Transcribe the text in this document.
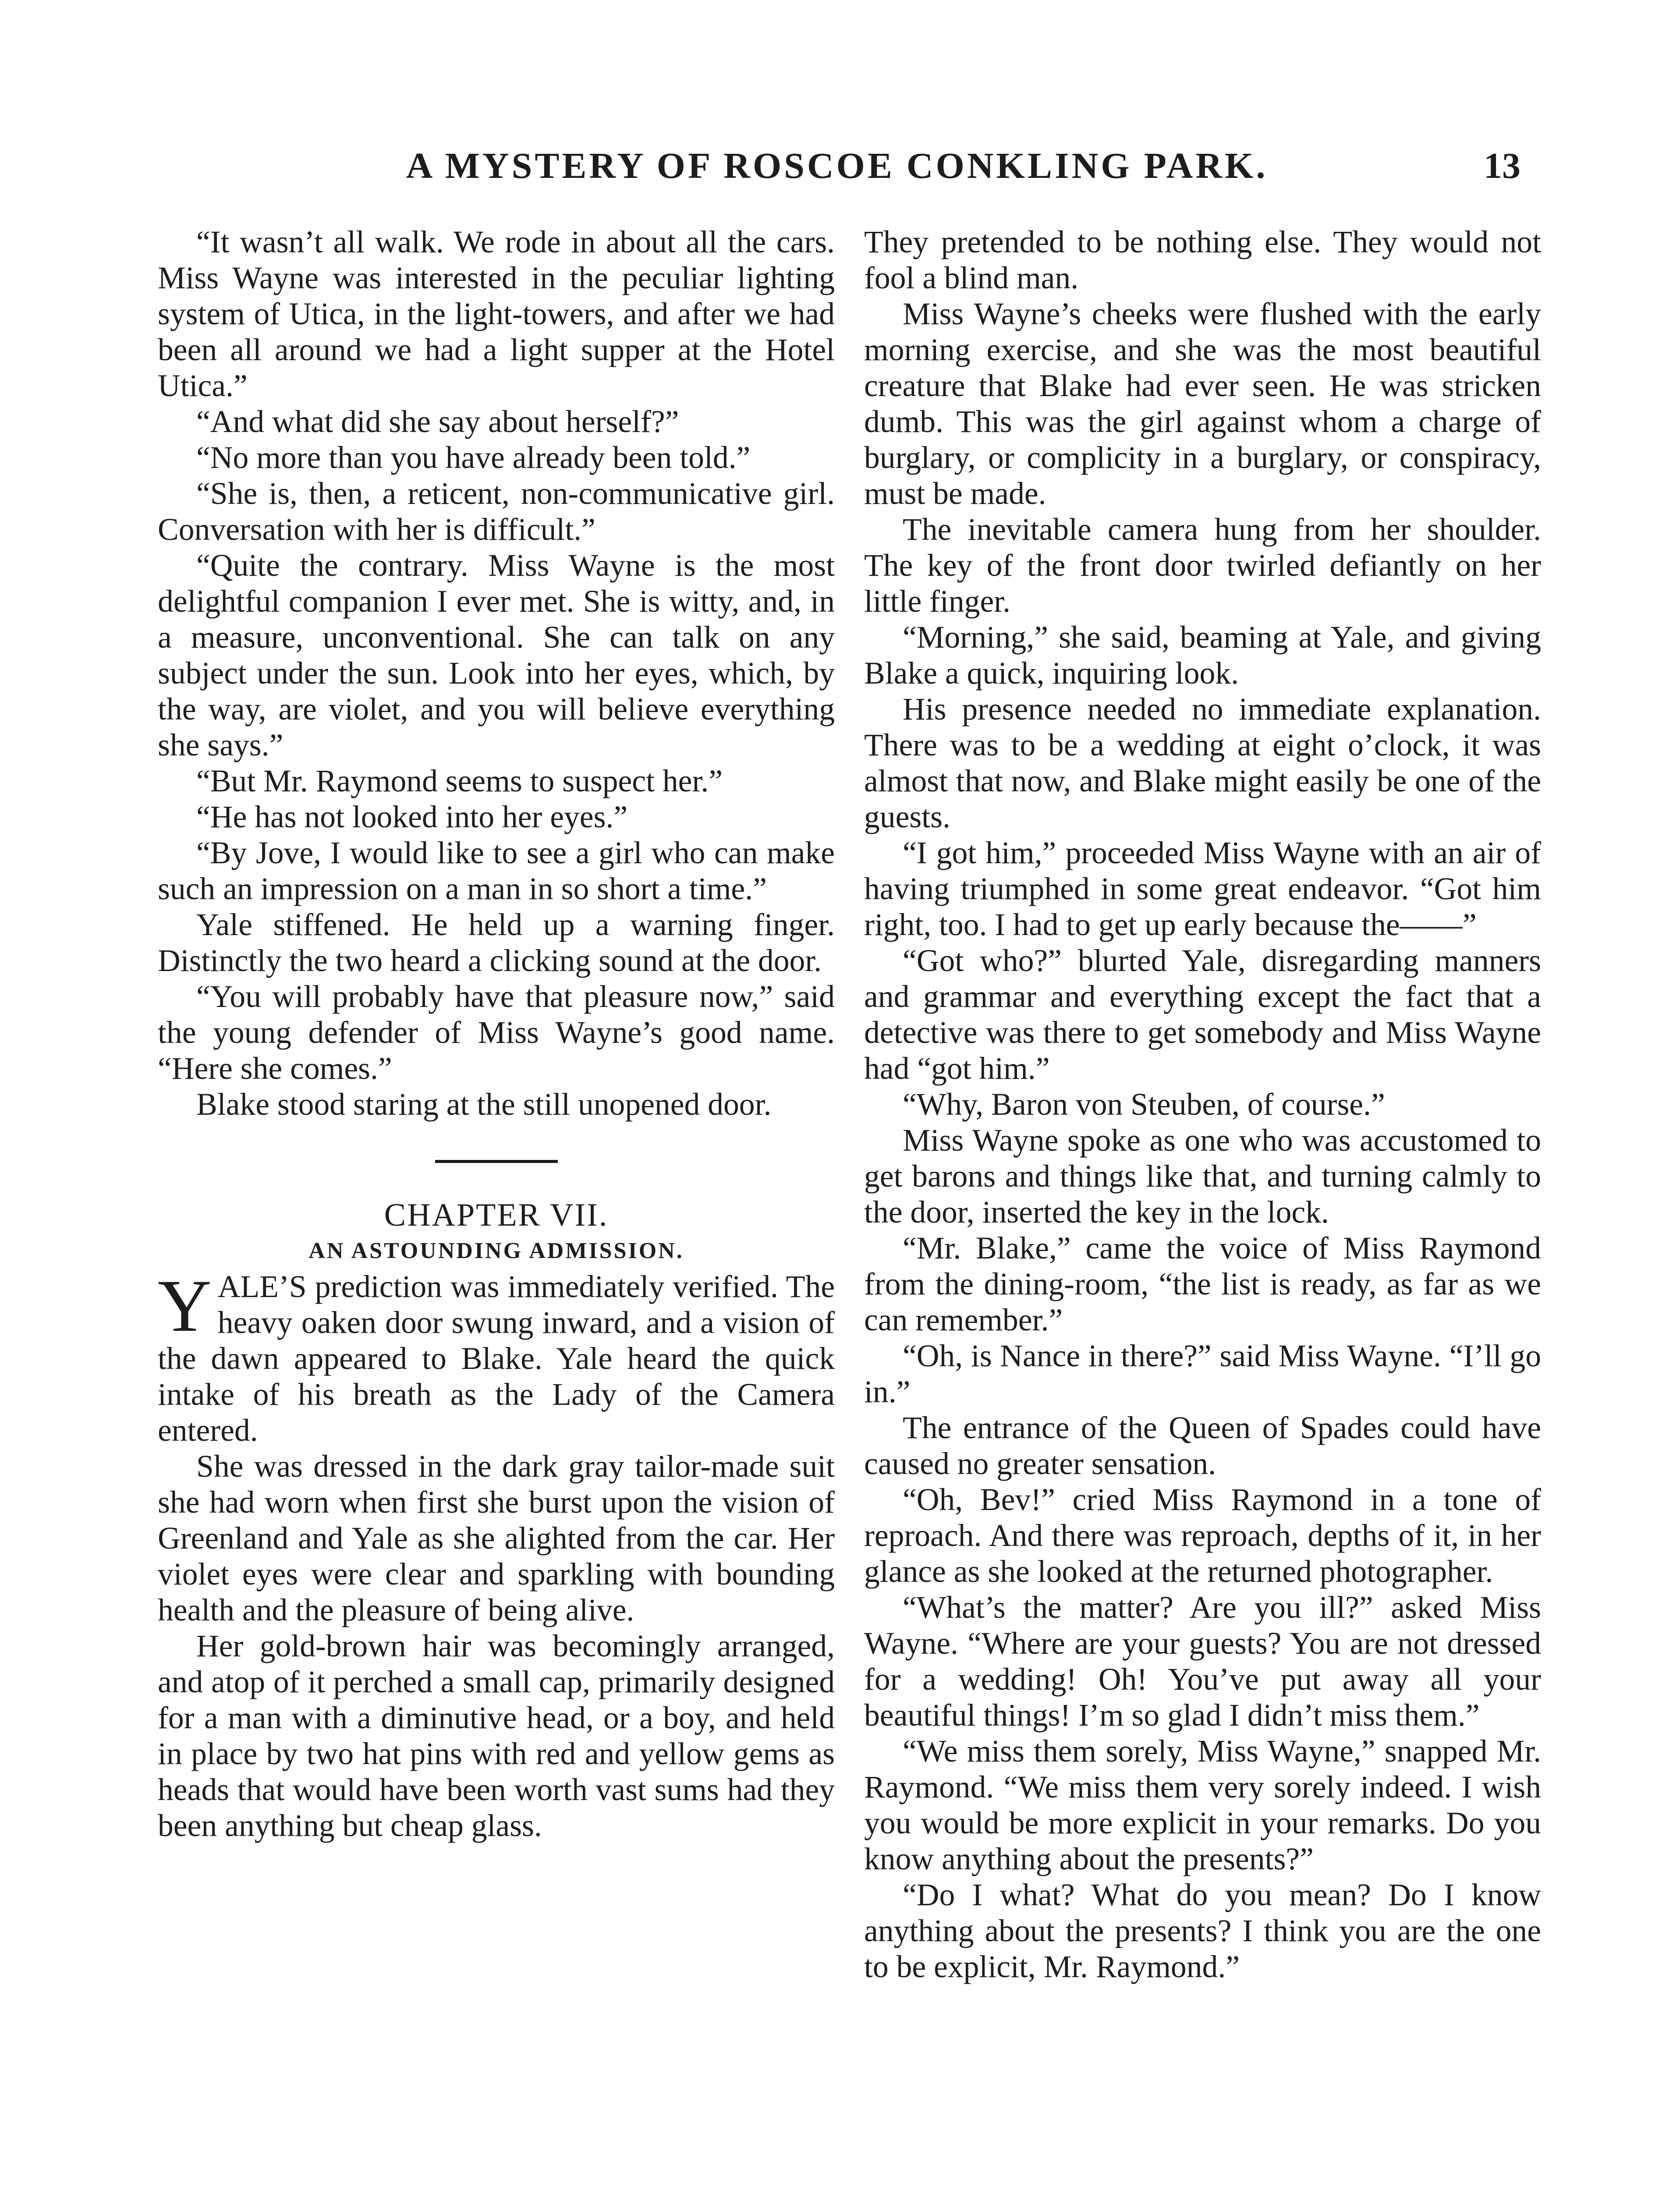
A MYSTERY OF ROSCOE CONKLING PARK.	13

“It wasn’t all walk. We rode in about all the cars. Miss Wayne was interested in the peculiar lighting system of Utica, in the light-towers, and after we had been all around we had a light supper at the Hotel Utica.”

“And what did she say about herself?”

“No more than you have already been told.”

“She is, then, a reticent, non-communicative girl. Conversation with her is difficult.”

“Quite the contrary. Miss Wayne is the most delightful companion I ever met. She is witty, and, in a measure, unconventional. She can talk on any subject under the sun. Look into her eyes, which, by the way, are violet, and you will believe everything she says.”

“But Mr. Raymond seems to suspect her.”

“He has not looked into her eyes.”

“By Jove, I would like to see a girl who can make such an impression on a man in so short a time.”

Yale stiffened. He held up a warning finger. Distinctly the two heard a clicking sound at the door.

“You will probably have that pleasure now,” said the young defender of Miss Wayne’s good name. “Here she comes.”

Blake stood staring at the still unopened door.

CHAPTER VII.

AN ASTOUNDING ADMISSION.

YALE’S prediction was immediately verified. The heavy oaken door swung inward, and a vision of the dawn appeared to Blake. Yale heard the quick intake of his breath as the Lady of the Camera entered.

She was dressed in the dark gray tailor-made suit she had worn when first she burst upon the vision of Greenland and Yale as she alighted from the car. Her violet eyes were clear and sparkling with bounding health and the pleasure of being alive.

Her gold-brown hair was becomingly arranged, and atop of it perched a small cap, primarily designed for a man with a diminutive head, or a boy, and held in place by two hat pins with red and yellow gems as heads that would have been worth vast sums had they been anything but cheap glass.

They pretended to be nothing else. They would not fool a blind man.

Miss Wayne’s cheeks were flushed with the early morning exercise, and she was the most beautiful creature that Blake had ever seen. He was stricken dumb. This was the girl against whom a charge of burglary, or complicity in a burglary, or conspiracy, must be made.

The inevitable camera hung from her shoulder. The key of the front door twirled defiantly on her little finger.

“Morning,” she said, beaming at Yale, and giving Blake a quick, inquiring look.

His presence needed no immediate explanation. There was to be a wedding at eight o’clock, it was almost that now, and Blake might easily be one of the guests.

“I got him,” proceeded Miss Wayne with an air of having triumphed in some great endeavor. “Got him right, too. I had to get up early because the——”

“Got who?” blurted Yale, disregarding manners and grammar and everything except the fact that a detective was there to get somebody and Miss Wayne had “got him.”

“Why, Baron von Steuben, of course.”

Miss Wayne spoke as one who was accustomed to get barons and things like that, and turning calmly to the door, inserted the key in the lock.

“Mr. Blake,” came the voice of Miss Raymond from the dining-room, “the list is ready, as far as we can remember.”

“Oh, is Nance in there?” said Miss Wayne. “I’ll go in.”

The entrance of the Queen of Spades could have caused no greater sensation.

“Oh, Bev!” cried Miss Raymond in a tone of reproach. And there was reproach, depths of it, in her glance as she looked at the returned photographer.

“What’s the matter? Are you ill?” asked Miss Wayne. “Where are your guests? You are not dressed for a wedding! Oh! You’ve put away all your beautiful things! I’m so glad I didn’t miss them.”

“We miss them sorely, Miss Wayne,” snapped Mr. Raymond. “We miss them very sorely indeed. I wish you would be more explicit in your remarks. Do you know anything about the presents?”

“Do I what? What do you mean? Do I know anything about the presents? I think you are the one to be explicit, Mr. Raymond.”
